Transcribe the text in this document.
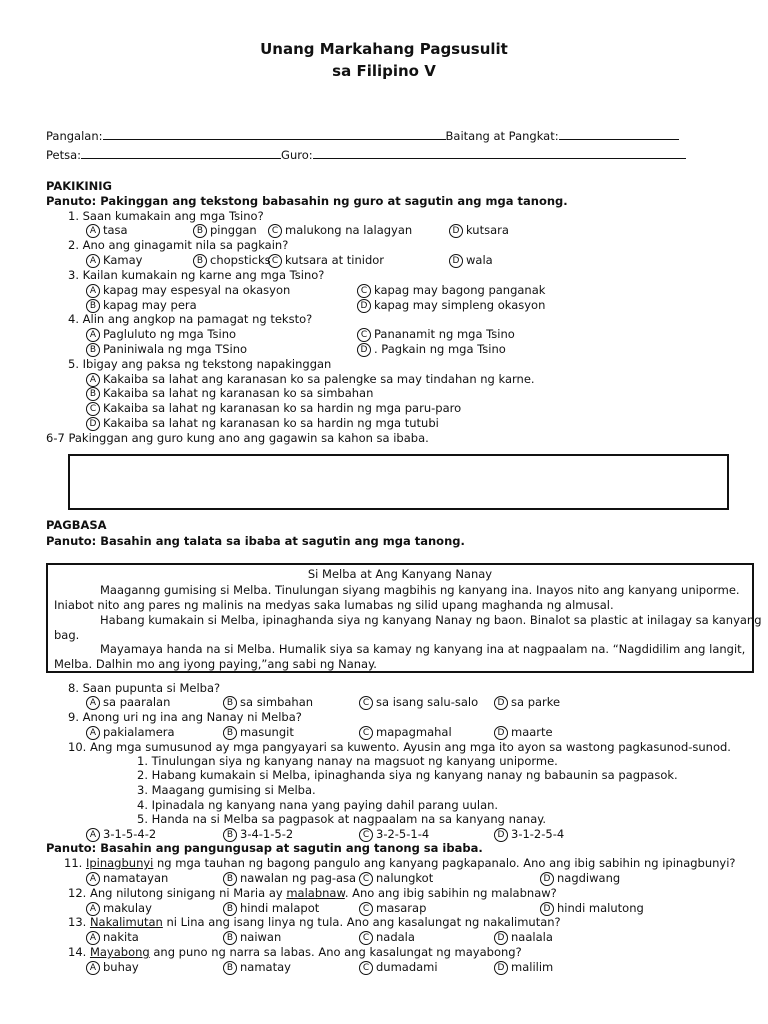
Unang Markahang Pagsusulit
sa Filipino V
Pangalan:	Baitang at Pangkat:
Petsa:	Guro:
PAKIKINIG
Panuto: Pakinggan ang tekstong babasahin ng guro at sagutin ang mga tanong.
1. Saan kumakain ang mga Tsino?
A tasa	B pinggan	C malukong na lalagyan	D kutsara
2. Ano ang ginagamit nila sa pagkain?
A Kamay	B chopsticks C kutsara at tinidor	D wala
3. Kailan kumakain ng karne ang mga Tsino?
A kapag may espesyal na okasyon	C kapag may bagong panganak
B kapag may pera	D kapag may simpleng okasyon
4. Alin ang angkop na pamagat ng teksto?
A Pagluluto ng mga Tsino	C Pananamit ng mga Tsino
B Paniniwala ng mga TSino	D . Pagkain ng mga Tsino
5. Ibigay ang paksa ng tekstong napakinggan
A Kakaiba sa lahat ang karanasan ko sa palengke sa may tindahan ng karne.
B Kakaiba sa lahat ng karanasan ko sa simbahan
C Kakaiba sa lahat ng karanasan ko sa hardin ng mga paru-paro
D Kakaiba sa lahat ng karanasan ko sa hardin ng mga tutubi
6-7 Pakinggan ang guro kung ano ang gagawin sa kahon sa ibaba.
PAGBASA
Panuto: Basahin ang talata sa ibaba at sagutin ang mga tanong.
Si Melba at Ang Kanyang Nanay
Maaganng gumising si Melba. Tinulungan siyang magbihis ng kanyang ina. Inayos nito ang kanyang uniporme.
Iniabot nito ang pares ng malinis na medyas saka lumabas ng silid upang maghanda ng almusal.
Habang kumakain si Melba, ipinaghanda siya ng kanyang Nanay ng baon. Binalot sa plastic at inilagay sa kanyang
bag.
Mayamaya handa na si Melba. Humalik siya sa kamay ng kanyang ina at nagpaalam na. “Nagdidilim ang langit,
Melba. Dalhin mo ang iyong paying,”ang sabi ng Nanay.
8. Saan pupunta si Melba?
A sa paaralan	B sa simbahan	C sa isang salu-salo	D sa parke
9. Anong uri ng ina ang Nanay ni Melba?
A pakialamera	B masungit	C mapagmahal	D maarte
10. Ang mga sumusunod ay mga pangyayari sa kuwento. Ayusin ang mga ito ayon sa wastong pagkasunod-sunod.
1. Tinulungan siya ng kanyang nanay na magsuot ng kanyang uniporme.
2. Habang kumakain si Melba, ipinaghanda siya ng kanyang nanay ng babaunin sa pagpasok.
3. Maagang gumising si Melba.
4. Ipinadala ng kanyang nana yang paying dahil parang uulan.
5. Handa na si Melba sa pagpasok at nagpaalam na sa kanyang nanay.
A 3-1-5-4-2	B 3-4-1-5-2	C 3-2-5-1-4	D 3-1-2-5-4
Panuto: Basahin ang pangungusap at sagutin ang tanong sa ibaba.
11. Ipinagbunyi ng mga tauhan ng bagong pangulo ang kanyang pagkapanalo. Ano ang ibig sabihin ng ipinagbunyi?
A namatayan	B nawalan ng pag-asa C nalungkot	D nagdiwang
12. Ang nilutong sinigang ni Maria ay malabnaw. Ano ang ibig sabihin ng malabnaw?
A makulay	B hindi malapot	C masarap	D hindi malutong
13. Nakalimutan ni Lina ang isang linya ng tula. Ano ang kasalungat ng nakalimutan?
A nakita	B naiwan	C nadala	D naalala
14. Mayabong ang puno ng narra sa labas. Ano ang kasalungat ng mayabong?
A buhay	B namatay	C dumadami	D malilim
